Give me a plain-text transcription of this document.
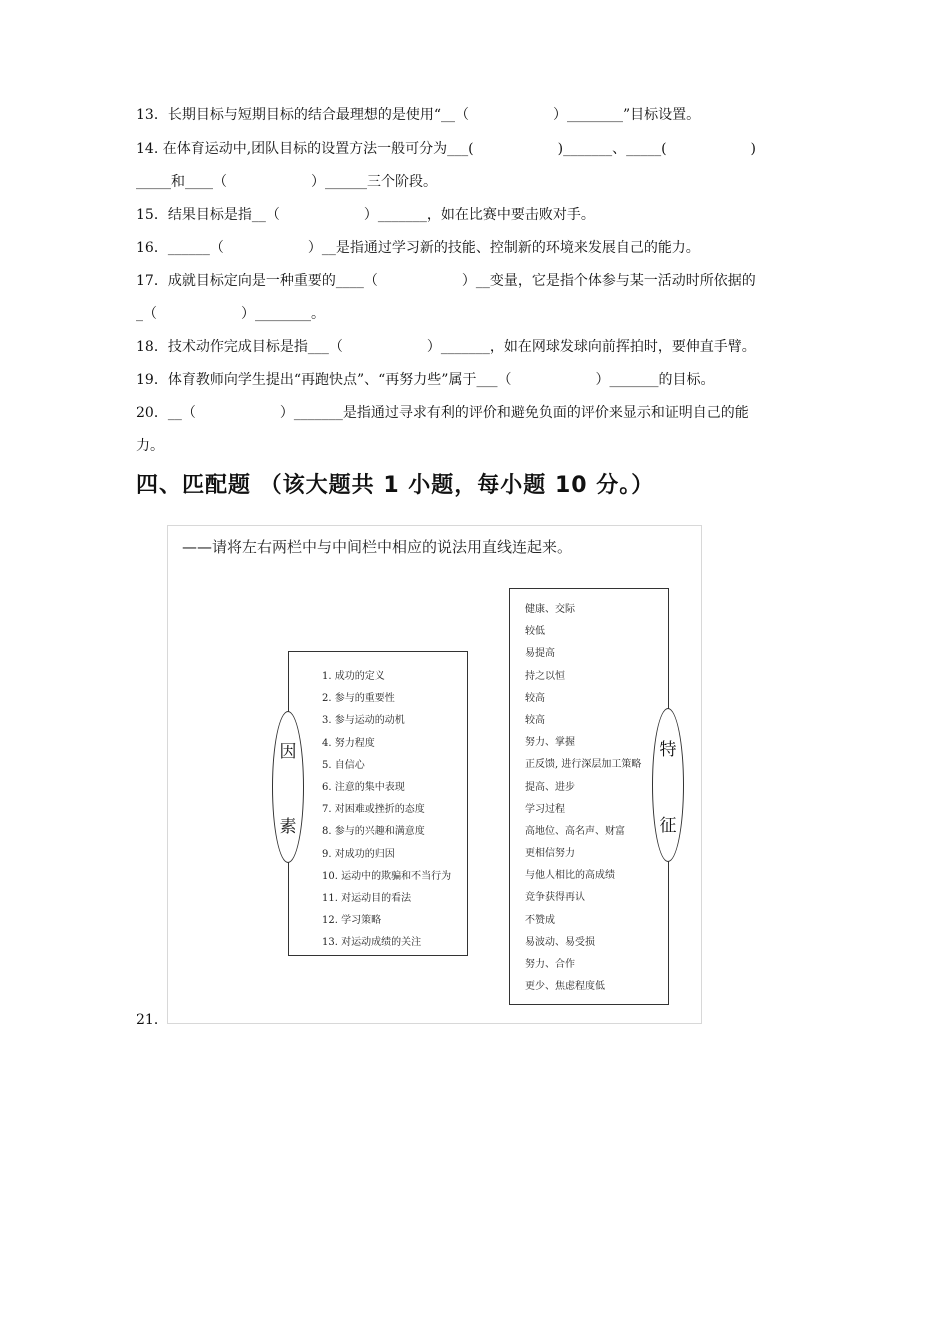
13．长期目标与短期目标的结合最理想的是使用“__（　　　　　　）________”目标设置。
14. 在体育运动中,团队目标的设置方法一般可分为___(　　　　　　)_______、_____(　　　　　　)
_____和____（　　　　　　）______三个阶段。
15．结果目标是指__（　　　　　　）_______，如在比赛中要击败对手。
16．______（　　　　　　）__是指通过学习新的技能、控制新的环境来发展自己的能力。
17．成就目标定向是一种重要的____（　　　　　　）__变量，它是指个体参与某一活动时所依据的
_（　　　　　　）________。
18．技术动作完成目标是指___（　　　　　　）_______，如在网球发球向前挥拍时，要伸直手臂。
19．体育教师向学生提出“再跑快点”、“再努力些”属于___（　　　　　　）_______的目标。
20．__（　　　　　　）_______是指通过寻求有利的评价和避免负面的评价来显示和证明自己的能
力。
四、匹配题 （该大题共 1 小题，每小题 10 分。）
——请将左右两栏中与中间栏中相应的说法用直线连起来。
1. 成功的定义
2. 参与的重要性
3. 参与运动的动机
4. 努力程度
5. 自信心
6. 注意的集中表现
7. 对困难或挫折的态度
8. 参与的兴趣和满意度
9. 对成功的归因
10. 运动中的欺骗和不当行为
11. 对运动目的看法
12. 学习策略
13. 对运动成绩的关注
因
素
健康、交际
较低
易提高
持之以恒
较高
较高
努力、掌握
正反馈, 进行深层加工策略
提高、进步
学习过程
高地位、高名声、财富
更相信努力
与他人相比的高成绩
竞争获得再认
不赞成
易波动、易受损
努力、合作
更少、焦虑程度低
特
征
21．
